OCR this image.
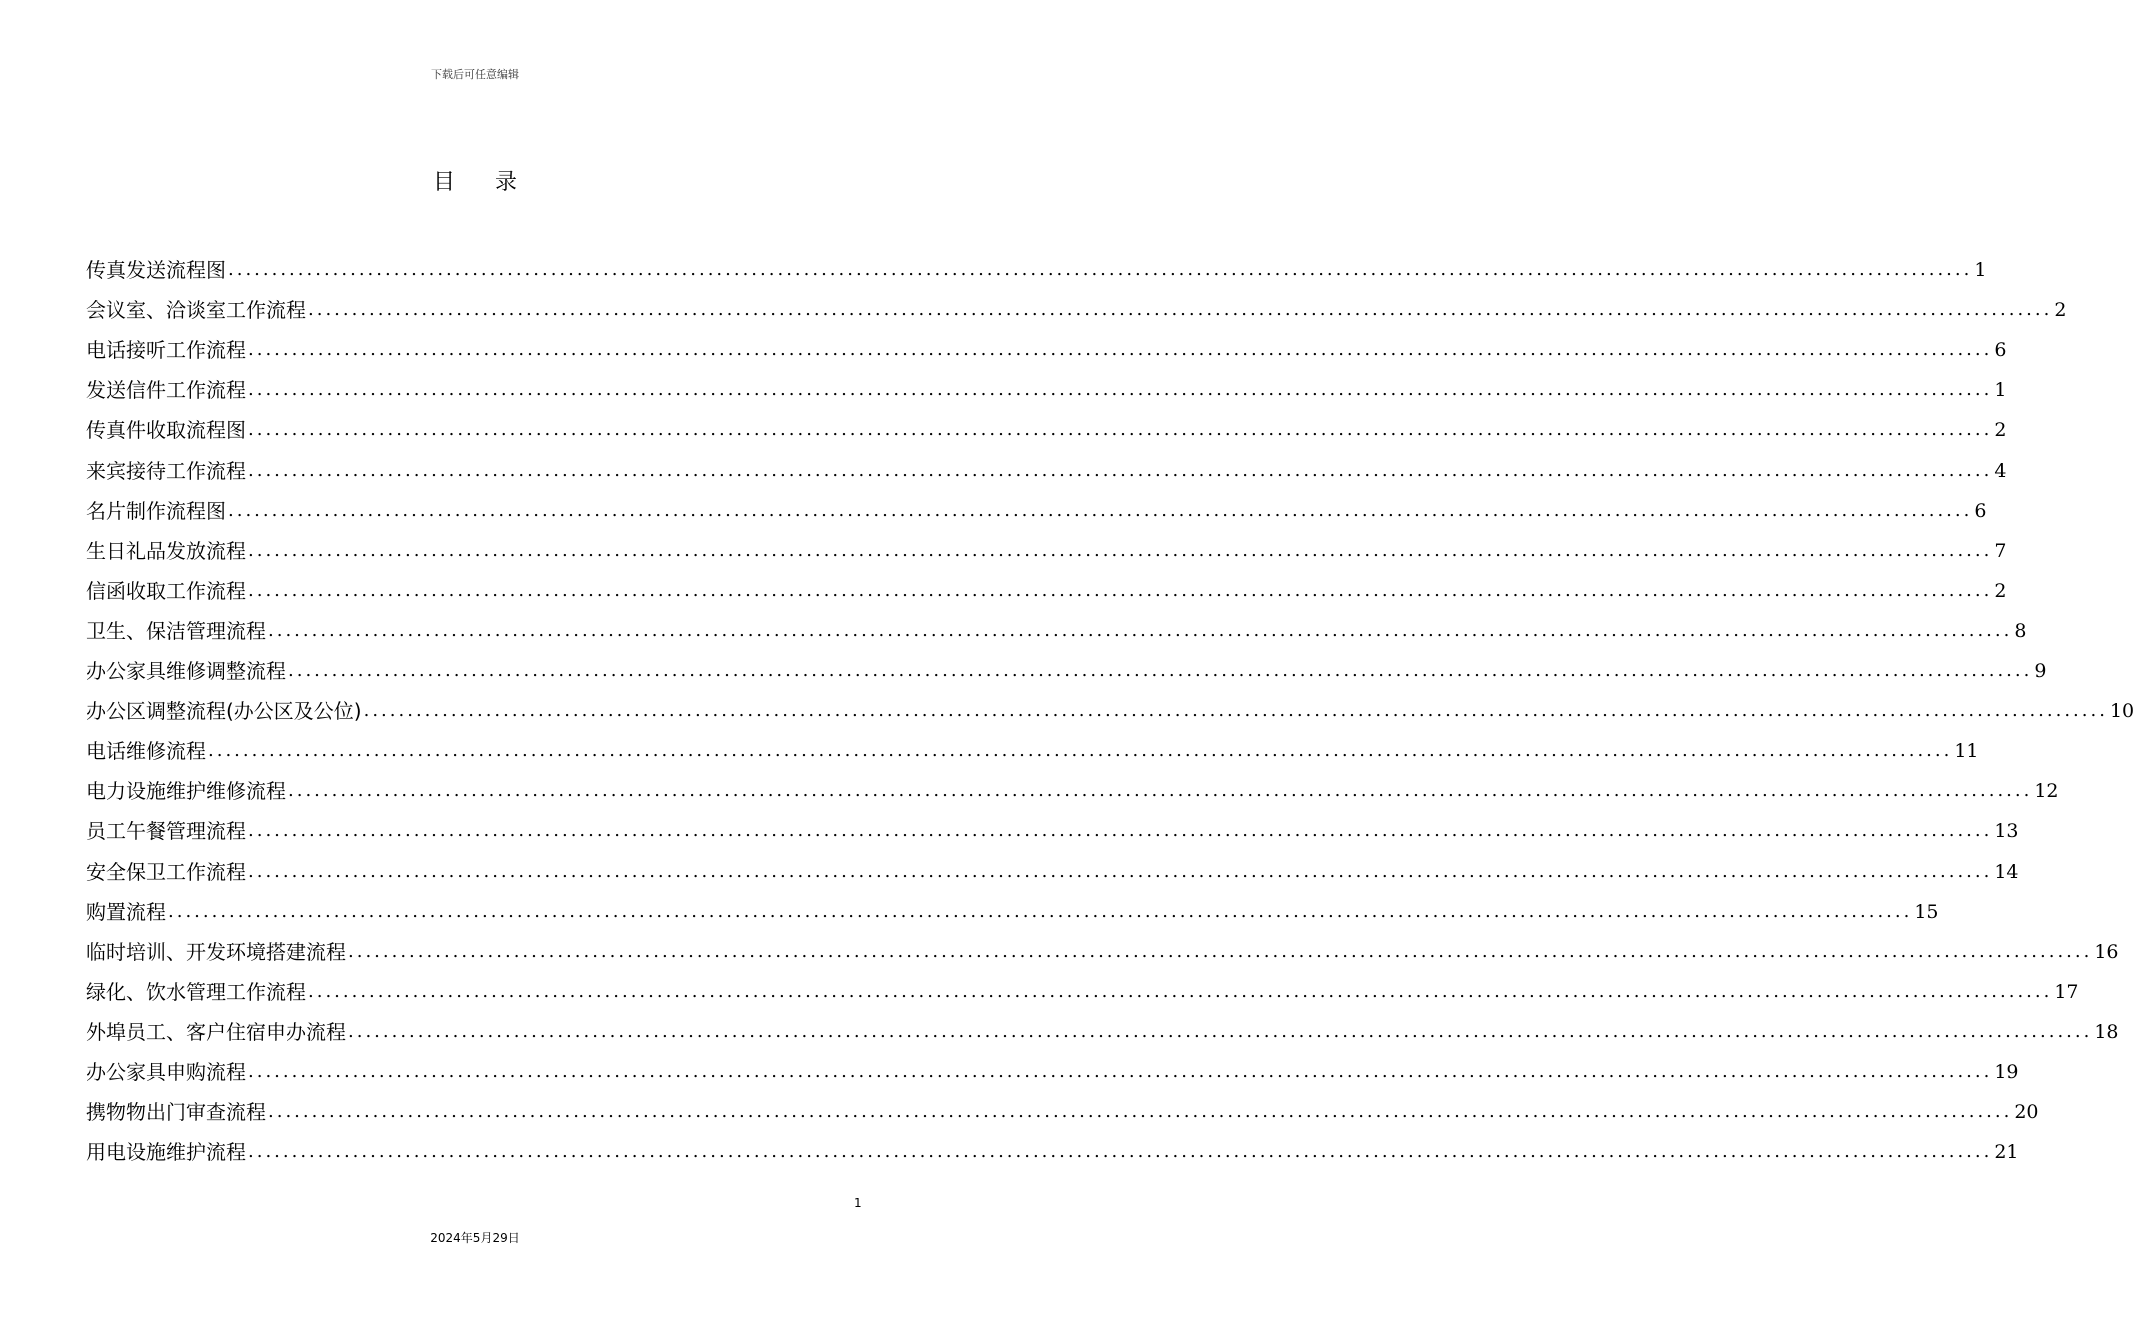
下载后可任意编辑
目录
传真发送流程图 ........................................................................................................................................................................................................ 1
会议室、洽谈室工作流程 ........................................................................................................................................................................................................ 2
电话接听工作流程 ........................................................................................................................................................................................................ 6
发送信件工作流程 ........................................................................................................................................................................................................ 1
传真件收取流程图 ........................................................................................................................................................................................................ 2
来宾接待工作流程 ........................................................................................................................................................................................................ 4
名片制作流程图 ........................................................................................................................................................................................................ 6
生日礼品发放流程 ........................................................................................................................................................................................................ 7
信函收取工作流程 ........................................................................................................................................................................................................ 2
卫生、保洁管理流程 ........................................................................................................................................................................................................ 8
办公家具维修调整流程 ........................................................................................................................................................................................................ 9
办公区调整流程(办公区及公位) ........................................................................................................................................................................................................ 10
电话维修流程 ........................................................................................................................................................................................................ 11
电力设施维护维修流程 ........................................................................................................................................................................................................ 12
员工午餐管理流程 ........................................................................................................................................................................................................ 13
安全保卫工作流程 ........................................................................................................................................................................................................ 14
购置流程 ........................................................................................................................................................................................................ 15
临时培训、开发环境搭建流程 ........................................................................................................................................................................................................ 16
绿化、饮水管理工作流程 ........................................................................................................................................................................................................ 17
外埠员工、客户住宿申办流程 ........................................................................................................................................................................................................ 18
办公家具申购流程 ........................................................................................................................................................................................................ 19
携物物出门审查流程 ........................................................................................................................................................................................................ 20
用电设施维护流程 ........................................................................................................................................................................................................ 21
1
2024年5月29日
